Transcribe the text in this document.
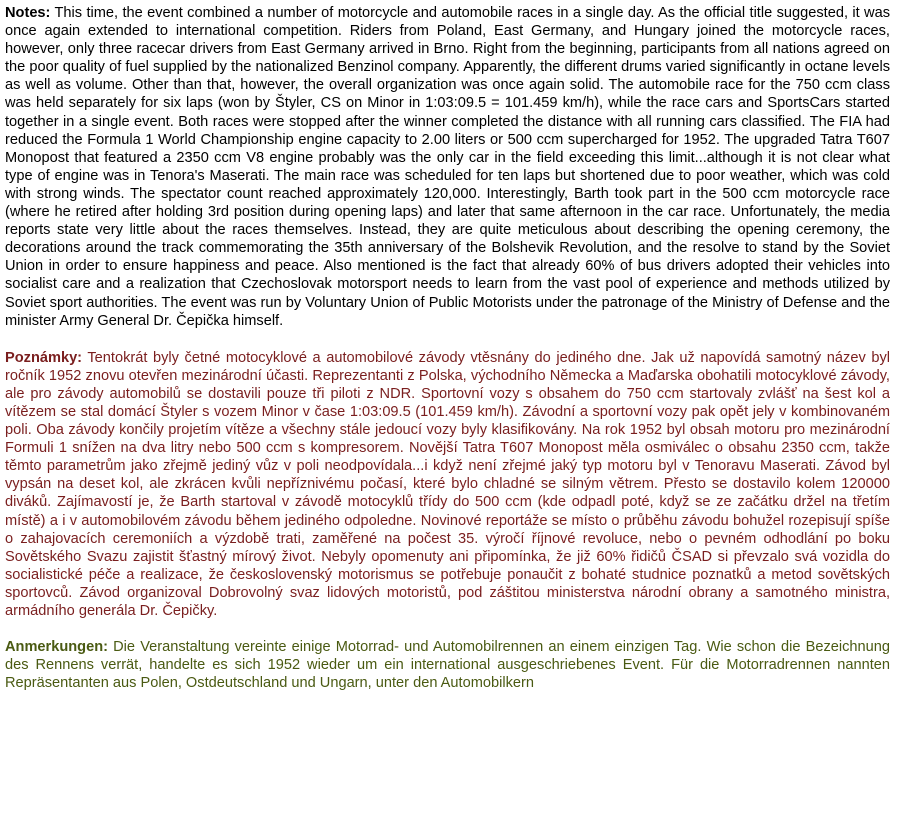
Notes: This time, the event combined a number of motorcycle and automobile races in a single day. As the official title suggested, it was once again extended to international competition. Riders from Poland, East Germany, and Hungary joined the motorcycle races, however, only three racecar drivers from East Germany arrived in Brno. Right from the beginning, participants from all nations agreed on the poor quality of fuel supplied by the nationalized Benzinol company. Apparently, the different drums varied significantly in octane levels as well as volume. Other than that, however, the overall organization was once again solid. The automobile race for the 750 ccm class was held separately for six laps (won by Štyler, CS on Minor in 1:03:09.5 = 101.459 km/h), while the race cars and SportsCars started together in a single event. Both races were stopped after the winner completed the distance with all running cars classified. The FIA had reduced the Formula 1 World Championship engine capacity to 2.00 liters or 500 ccm supercharged for 1952. The upgraded Tatra T607 Monopost that featured a 2350 ccm V8 engine probably was the only car in the field exceeding this limit...although it is not clear what type of engine was in Tenora's Maserati. The main race was scheduled for ten laps but shortened due to poor weather, which was cold with strong winds. The spectator count reached approximately 120,000. Interestingly, Barth took part in the 500 ccm motorcycle race (where he retired after holding 3rd position during opening laps) and later that same afternoon in the car race. Unfortunately, the media reports state very little about the races themselves. Instead, they are quite meticulous about describing the opening ceremony, the decorations around the track commemorating the 35th anniversary of the Bolshevik Revolution, and the resolve to stand by the Soviet Union in order to ensure happiness and peace. Also mentioned is the fact that already 60% of bus drivers adopted their vehicles into socialist care and a realization that Czechoslovak motorsport needs to learn from the vast pool of experience and methods utilized by Soviet sport authorities. The event was run by Voluntary Union of Public Motorists under the patronage of the Ministry of Defense and the minister Army General Dr. Čepička himself.

Poznámky: Tentokrát byly četné motocyklové a automobilové závody vtěsnány do jediného dne. Jak už napovídá samotný název byl ročník 1952 znovu otevřen mezinárodní účasti. Reprezentanti z Polska, východního Německa a Maďarska obohatili motocyklové závody, ale pro závody automobilů se dostavili pouze tři piloti z NDR. Sportovní vozy s obsahem do 750 ccm startovaly zvlášť na šest kol a vítězem se stal domácí Štyler s vozem Minor v čase 1:03:09.5 (101.459 km/h). Závodní a sportovní vozy pak opět jely v kombinovaném poli. Oba závody končily projetím vítěze a všechny stále jedoucí vozy byly klasifikovány. Na rok 1952 byl obsah motoru pro mezinárodní Formuli 1 snížen na dva litry nebo 500 ccm s kompresorem. Novější Tatra T607 Monopost měla osmiválec o obsahu 2350 ccm, takže těmto parametrům jako zřejmě jediný vůz v poli neodpovídala...i když není zřejmé jaký typ motoru byl v Tenoravu Maserati. Závod byl vypsán na deset kol, ale zkrácen kvůli nepříznivému počasí, které bylo chladné se silným větrem. Přesto se dostavilo kolem 120000 diváků. Zajímavostí je, že Barth startoval v závodě motocyklů třídy do 500 ccm (kde odpadl poté, když se ze začátku držel na třetím místě) a i v automobilovém závodu během jediného odpoledne. Novinové reportáže se místo o průběhu závodu bohužel rozepisují spíše o zahajovacích ceremoniích a výzdobě trati, zaměřené na počest 35. výročí říjnové revoluce, nebo o pevném odhodlání po boku Sovětského Svazu zajistit šťastný mírový život. Nebyly opomenuty ani připomínka, že již 60% řidičů ČSAD si převzalo svá vozidla do socialistické péče a realizace, že československý motorismus se potřebuje ponaučit z bohaté studnice poznatků a metod sovětských sportovců. Závod organizoval Dobrovolný svaz lidových motoristů, pod záštitou ministerstva národní obrany a samotného ministra, armádního generála Dr. Čepičky.

Anmerkungen: Die Veranstaltung vereinte einige Motorrad- und Automobilrennen an einem einzigen Tag. Wie schon die Bezeichnung des Rennens verrät, handelte es sich 1952 wieder um ein international ausgeschriebenes Event. Für die Motorradrennen nannten Repräsentanten aus Polen, Ostdeutschland und Ungarn, unter den Automobilkern
